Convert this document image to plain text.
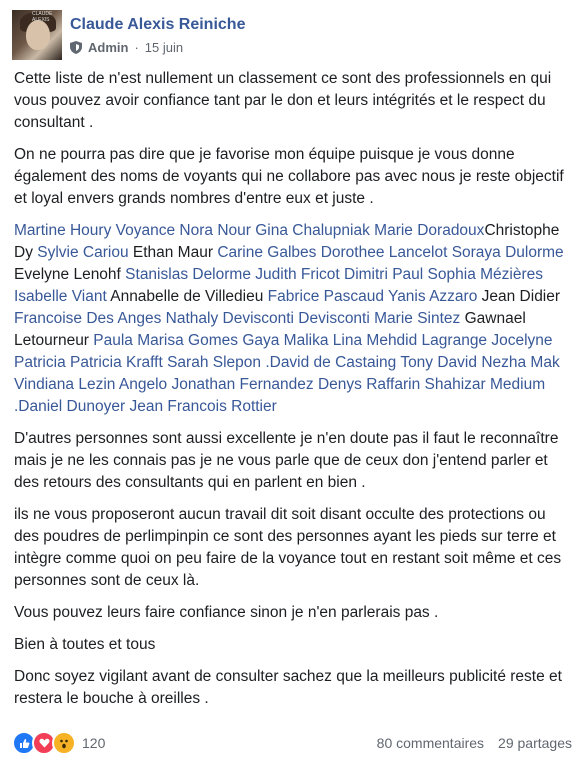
CLAUDE ALEXIS	Claude Alexis Reiniche
Admin · 15 juin

Cette liste de n'est nullement un classement ce sont des professionnels en qui vous pouvez avoir confiance tant par le don et leurs intégrités et le respect du consultant .

On ne pourra pas dire que je favorise mon équipe puisque je vous donne également des noms de voyants qui ne collabore pas avec nous je reste objectif et loyal envers grands nombres d'entre eux et juste .

Martine Houry Voyance Nora Nour Gina Chalupniak Marie DoradouxChristophe Dy Sylvie Cariou Ethan Maur Carine Galbes Dorothee Lancelot Soraya Dulorme Evelyne Lenohf Stanislas Delorme Judith Fricot Dimitri Paul Sophia Mézières Isabelle Viant Annabelle de Villedieu Fabrice Pascaud Yanis Azzaro Jean Didier Francoise Des Anges Nathaly Devisconti Devisconti Marie Sintez Gawnael Letourneur Paula Marisa Gomes Gaya Malika Lina Mehdid Lagrange Jocelyne Patricia Patricia Krafft Sarah Slepon .David de Castaing Tony David Nezha Mak Vindiana Lezin Angelo Jonathan Fernandez Denys Raffarin Shahizar Medium .Daniel Dunoyer Jean Francois Rottier

D'autres personnes sont aussi excellente je n'en doute pas il faut le reconnaître mais je ne les connais pas je ne vous parle que de ceux don j'entend parler et des retours des consultants qui en parlent en bien .

ils ne vous proposeront aucun travail dit soit disant occulte des protections ou des poudres de perlimpinpin ce sont des personnes ayant les pieds sur terre et intègre comme quoi on peu faire de la voyance tout en restant soit même et ces personnes sont de ceux là.

Vous pouvez leurs faire confiance sinon je n'en parlerais pas .

Bien à toutes et tous

Donc soyez vigilant avant de consulter sachez que la meilleurs publicité reste et restera le bouche à oreilles .

120	80 commentaires 29 partages
